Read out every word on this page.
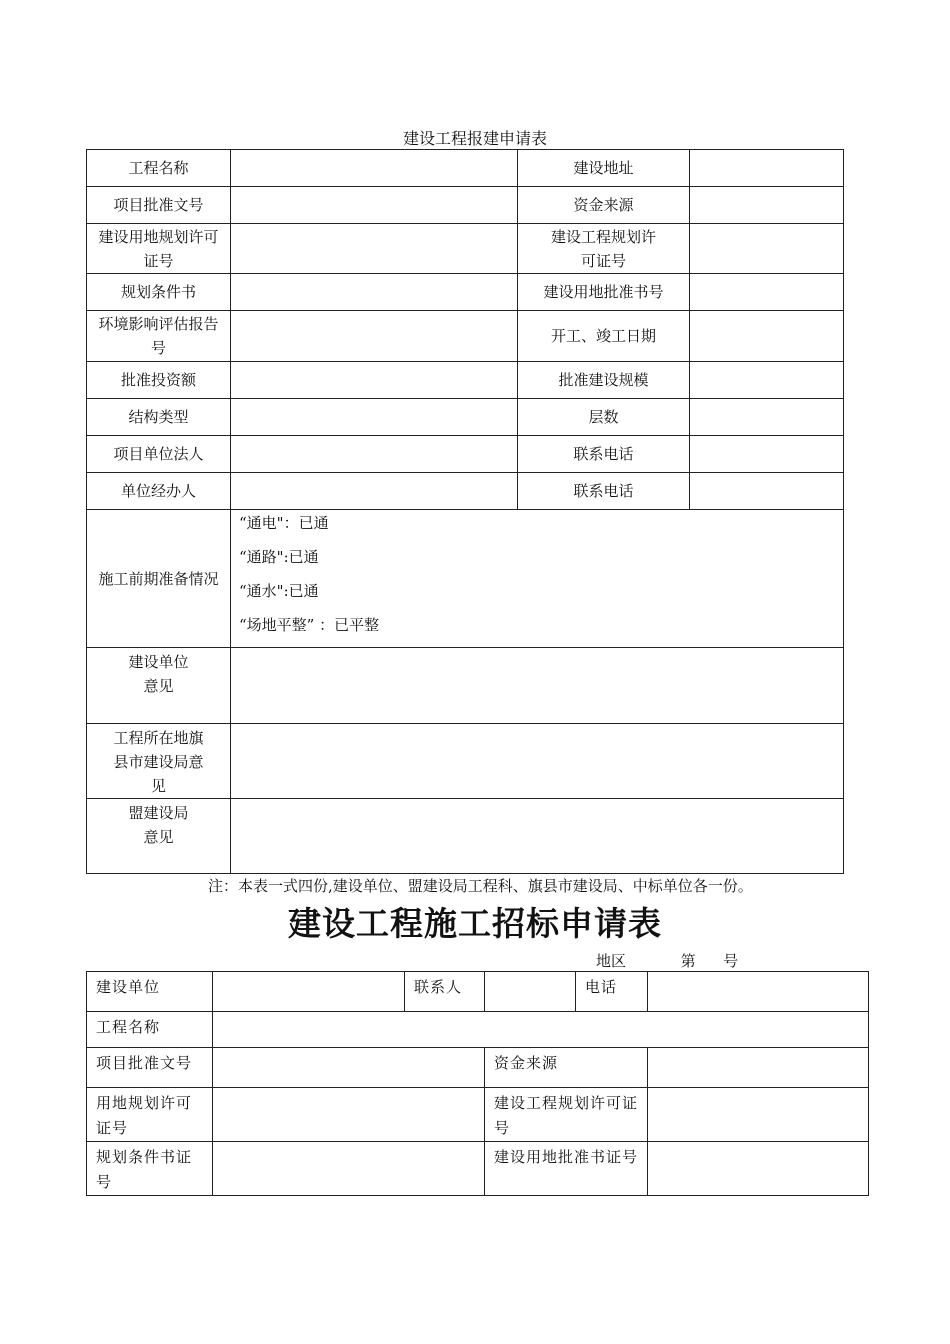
建设工程报建申请表
工程名称		建设地址	
项目批准文号		资金来源	
建设用地规划许可证号		建设工程规划许可证号	
规划条件书		建设用地批准书号	
环境影响评估报告号		开工、竣工日期	
批准投资额		批准建设规模	
结构类型		层数	
项目单位法人		联系电话	
单位经办人		联系电话	
施工前期准备情况	“通电"：已通
“通路":已通
“通水":已通
“场地平整” ：已平整		

建设单位意见			
工程所在地旗县市建设局意见			
盟建设局意见			
注：本表一式四份,建设单位、盟建设局工程科、旗县市建设局、中标单位各一份。
建设工程施工招标申请表
地区	第 号
建设单位		联系人		电话	
工程名称					
项目批准文号			资金来源		
用地规划许可证号			建设工程规划许可证号		
规划条件书证号			建设用地批准书证号		
